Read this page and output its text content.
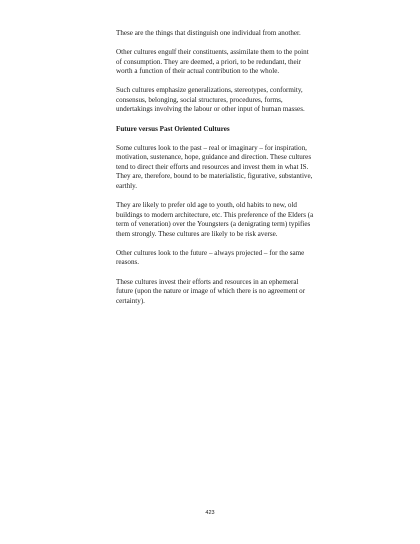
These are the things that distinguish one individual from another.

Other cultures engulf their constituents, assimilate them to the point of consumption. They are deemed, a priori, to be redundant, their worth a function of their actual contribution to the whole.

Such cultures emphasize generalizations, stereotypes, conformity, consensus, belonging, social structures, procedures, forms, undertakings involving the labour or other input of human masses.

Future versus Past Oriented Cultures

Some cultures look to the past – real or imaginary – for inspiration, motivation, sustenance, hope, guidance and direction. These cultures tend to direct their efforts and resources and invest them in what IS. They are, therefore, bound to be materialistic, figurative, substantive, earthly.

They are likely to prefer old age to youth, old habits to new, old buildings to modern architecture, etc. This preference of the Elders (a term of veneration) over the Youngsters (a denigrating term) typifies them strongly. These cultures are likely to be risk averse.

Other cultures look to the future – always projected – for the same reasons.

These cultures invest their efforts and resources in an ephemeral future (upon the nature or image of which there is no agreement or certainty).

423
